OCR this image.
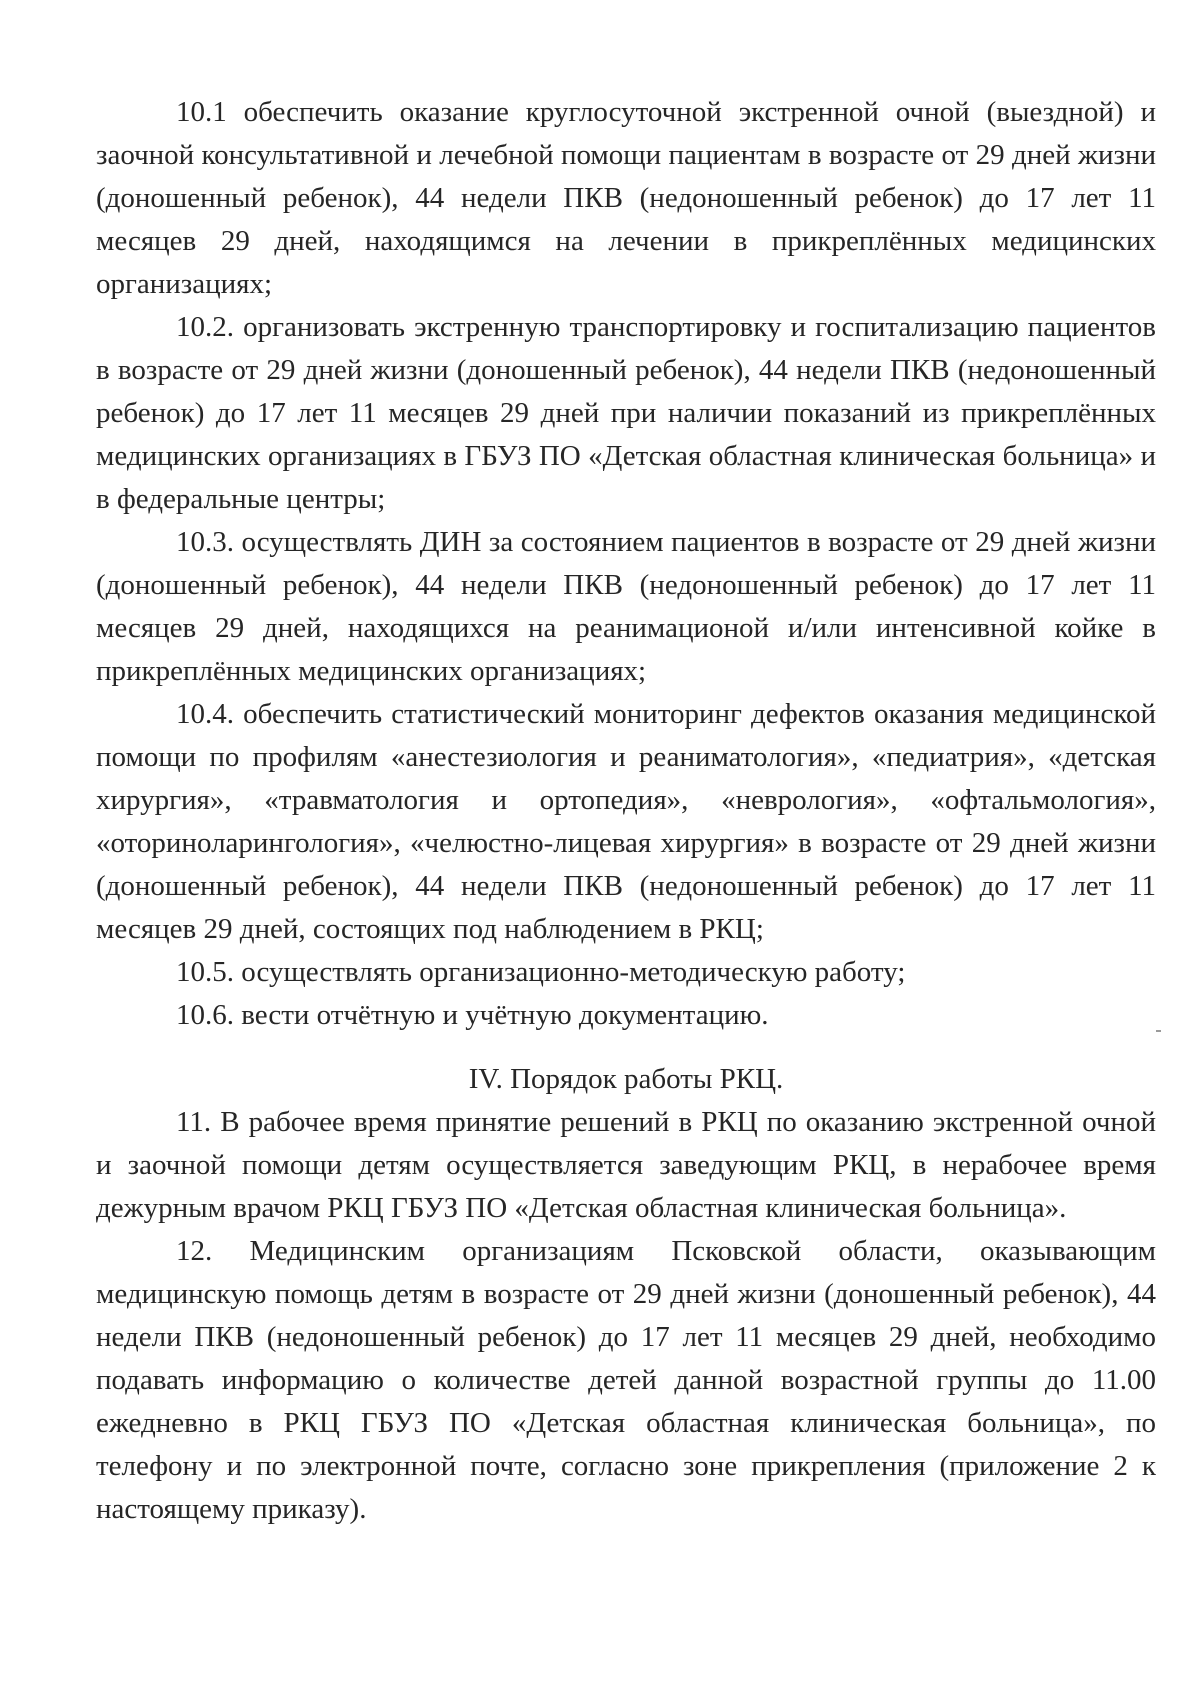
10.1 обеспечить оказание круглосуточной экстренной очной (выездной) и заочной консультативной и лечебной помощи пациентам в возрасте от 29 дней жизни (доношенный ребенок), 44 недели ПКВ (недоношенный ребенок) до 17 лет 11 месяцев 29 дней, находящимся на лечении в прикреплённых медицинских организациях;

10.2. организовать экстренную транспортировку и госпитализацию пациентов в возрасте от 29 дней жизни (доношенный ребенок), 44 недели ПКВ (недоношенный ребенок) до 17 лет 11 месяцев 29 дней при наличии показаний из прикреплённых медицинских организациях в ГБУЗ ПО «Детская областная клиническая больница» и в федеральные центры;

10.3. осуществлять ДИН за состоянием пациентов в возрасте от 29 дней жизни (доношенный ребенок), 44 недели ПКВ (недоношенный ребенок) до 17 лет 11 месяцев 29 дней, находящихся на реанимационой и/или интенсивной койке в прикреплённых медицинских организациях;

10.4. обеспечить статистический мониторинг дефектов оказания медицинской помощи по профилям «анестезиология и реаниматология», «педиатрия», «детская хирургия», «травматология и ортопедия», «неврология», «офтальмология», «оториноларингология», «челюстно-лицевая хирургия» в возрасте от 29 дней жизни (доношенный ребенок), 44 недели ПКВ (недоношенный ребенок) до 17 лет 11 месяцев 29 дней, состоящих под наблюдением в РКЦ;

10.5. осуществлять организационно-методическую работу;

10.6. вести отчётную и учётную документацию.

IV. Порядок работы РКЦ.

11. В рабочее время принятие решений в РКЦ по оказанию экстренной очной и заочной помощи детям осуществляется заведующим РКЦ, в нерабочее время дежурным врачом РКЦ ГБУЗ ПО «Детская областная клиническая больница».

12. Медицинским организациям Псковской области, оказывающим медицинскую помощь детям в возрасте от 29 дней жизни (доношенный ребенок), 44 недели ПКВ (недоношенный ребенок) до 17 лет 11 месяцев 29 дней, необходимо подавать информацию о количестве детей данной возрастной группы до 11.00 ежедневно в РКЦ ГБУЗ ПО «Детская областная клиническая больница», по телефону и по электронной почте, согласно зоне прикрепления (приложение 2 к настоящему приказу).
